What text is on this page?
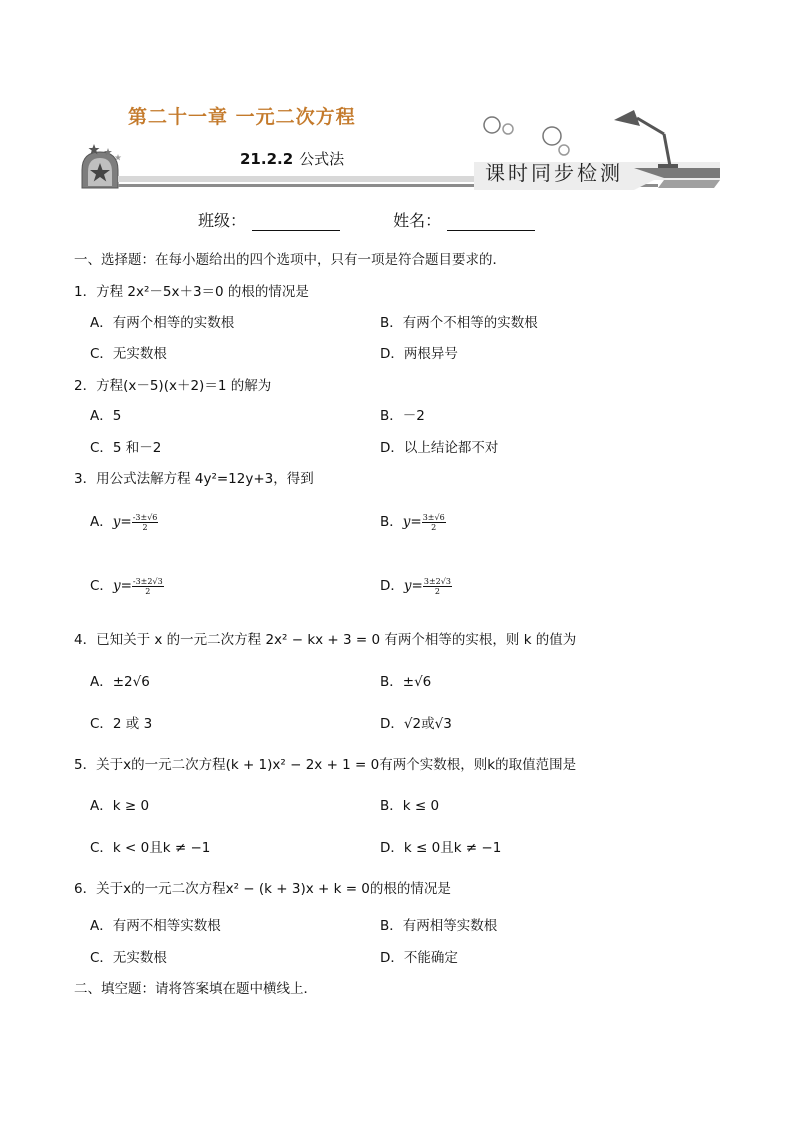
第二十一章 一元二次方程
21.2.2 公式法
课时同步检测
班级：	姓名：
一、选择题：在每小题给出的四个选项中，只有一项是符合题目要求的．
1．方程 2x²－5x＋3＝0 的根的情况是
A．有两个相等的实数根	B．有两个不相等的实数根
C．无实数根	D．两根异号
2．方程(x－5)(x＋2)＝1 的解为
A．5	B．－2
C．5 和－2	D．以上结论都不对
3．用公式法解方程 4y²=12y+3，得到
A．$y= \frac{-3\pm√6}{2}$	B．$y= \frac{3\pm√6}{2}$
C．$y= \frac{-3\pm 2√3}{2}$	D．$y= \frac{3\pm 2√3}{2}$
4．已知关于 x 的一元二次方程 2x² − kx + 3 = 0 有两个相等的实根，则 k 的值为
A．±2√6	B．±√6
C．2 或 3	D．√2或√3
5．关于x的一元二次方程(k + 1)x² − 2x + 1 = 0有两个实数根，则k的取值范围是
A．k ≥ 0	B．k ≤ 0
C．k < 0且k ≠ −1	D．k ≤ 0且k ≠ −1
6．关于x的一元二次方程x² − (k + 3)x + k = 0的根的情况是
A．有两不相等实数根	B．有两相等实数根
C．无实数根	D．不能确定
二、填空题：请将答案填在题中横线上．
